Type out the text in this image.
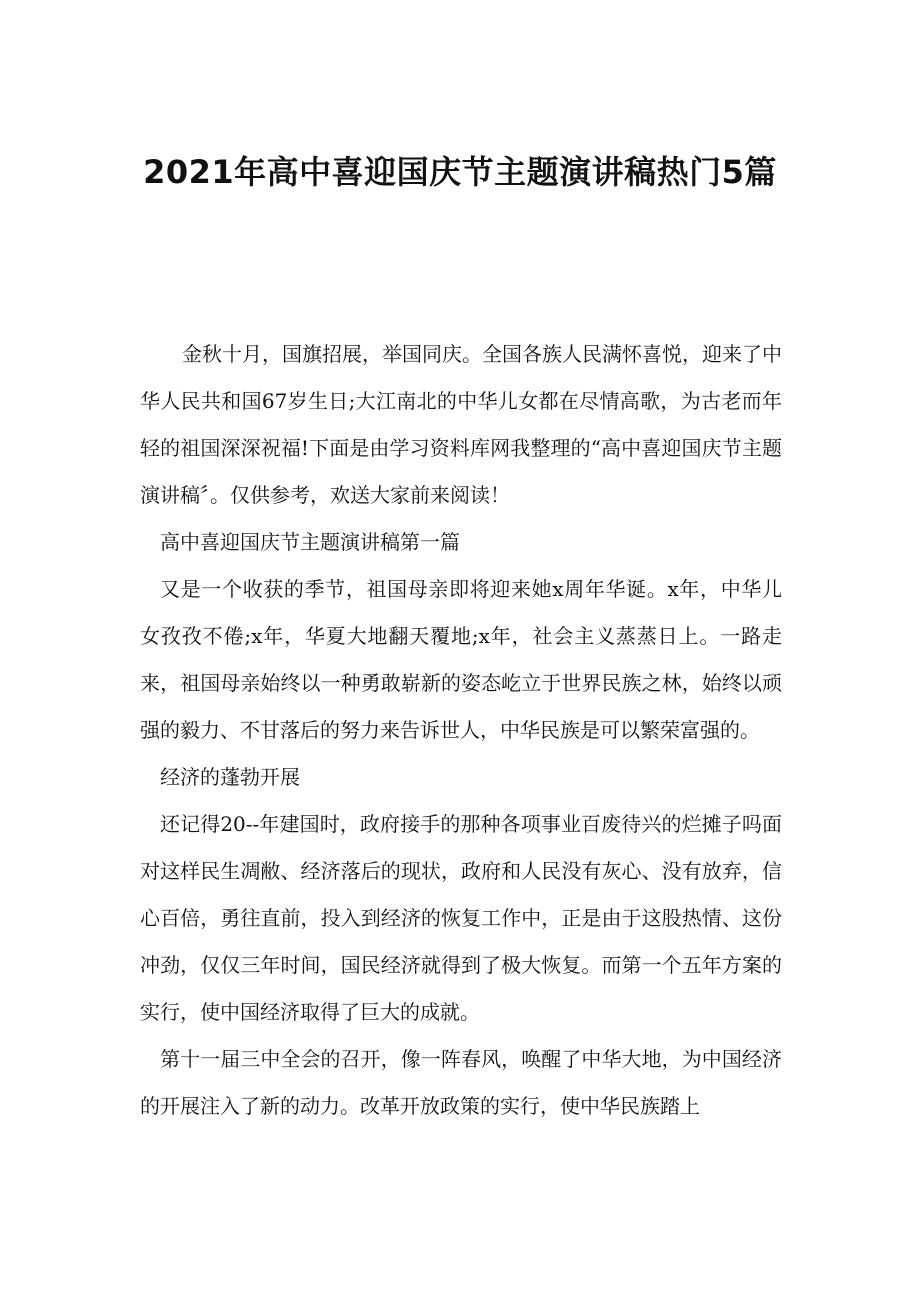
2021年高中喜迎国庆节主题演讲稿热门5篇

金秋十月，国旗招展，举国同庆。全国各族人民满怀喜悦，迎来了中华人民共和国67岁生日;大江南北的中华儿女都在尽情高歌，为古老而年轻的祖国深深祝福!下面是由学习资料库网我整理的“高中喜迎国庆节主题演讲稿〞。仅供参考，欢送大家前来阅读！

高中喜迎国庆节主题演讲稿第一篇

又是一个收获的季节，祖国母亲即将迎来她x周年华诞。x年，中华儿女孜孜不倦;x年，华夏大地翻天覆地;x年，社会主义蒸蒸日上。一路走来，祖国母亲始终以一种勇敢崭新的姿态屹立于世界民族之林，始终以顽强的毅力、不甘落后的努力来告诉世人，中华民族是可以繁荣富强的。

经济的蓬勃开展

还记得20--年建国时，政府接手的那种各项事业百废待兴的烂摊子吗面对这样民生凋敝、经济落后的现状，政府和人民没有灰心、没有放弃，信心百倍，勇往直前，投入到经济的恢复工作中，正是由于这股热情、这份冲劲，仅仅三年时间，国民经济就得到了极大恢复。而第一个五年方案的实行，使中国经济取得了巨大的成就。

第十一届三中全会的召开，像一阵春风，唤醒了中华大地，为中国经济的开展注入了新的动力。改革开放政策的实行，使中华民族踏上
